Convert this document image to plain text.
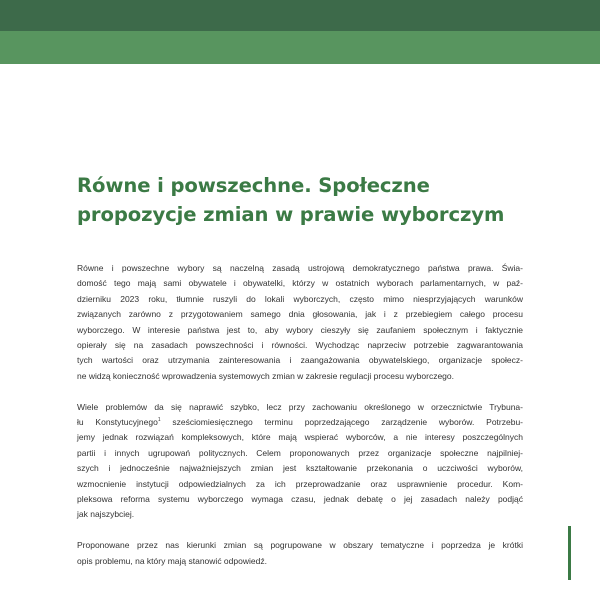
Równe i powszechne. Społeczne
propozycje zmian w prawie wyborczym

Równe i powszechne wybory są naczelną zasadą ustrojową demokratycznego państwa prawa. Świa-
domość tego mają sami obywatele i obywatelki, którzy w ostatnich wyborach parlamentarnych, w paź-
dzierniku 2023 roku, tłumnie ruszyli do lokali wyborczych, często mimo niesprzyjających warunków
związanych zarówno z przygotowaniem samego dnia głosowania, jak i z przebiegiem całego procesu
wyborczego. W interesie państwa jest to, aby wybory cieszyły się zaufaniem społecznym i faktycznie
opierały się na zasadach powszechności i równości. Wychodząc naprzeciw potrzebie zagwarantowania
tych wartości oraz utrzymania zainteresowania i zaangażowania obywatelskiego, organizacje społecz-
ne widzą konieczność wprowadzenia systemowych zmian w zakresie regulacji procesu wyborczego.

Wiele problemów da się naprawić szybko, lecz przy zachowaniu określonego w orzecznictwie Trybuna-
łu Konstytucyjnego$^1$ sześciomiesięcznego terminu poprzedzającego zarządzenie wyborów. Potrzebu-
jemy jednak rozwiązań kompleksowych, które mają wspierać wyborców, a nie interesy poszczególnych
partii i innych ugrupowań politycznych. Celem proponowanych przez organizacje społeczne najpilniej-
szych i jednocześnie najważniejszych zmian jest kształtowanie przekonania o uczciwości wyborów,
wzmocnienie instytucji odpowiedzialnych za ich przeprowadzanie oraz usprawnienie procedur. Kom-
pleksowa reforma systemu wyborczego wymaga czasu, jednak debatę o jej zasadach należy podjąć
jak najszybciej.

Proponowane przez nas kierunki zmian są pogrupowane w obszary tematyczne i poprzedza je krótki
opis problemu, na który mają stanowić odpowiedź.
